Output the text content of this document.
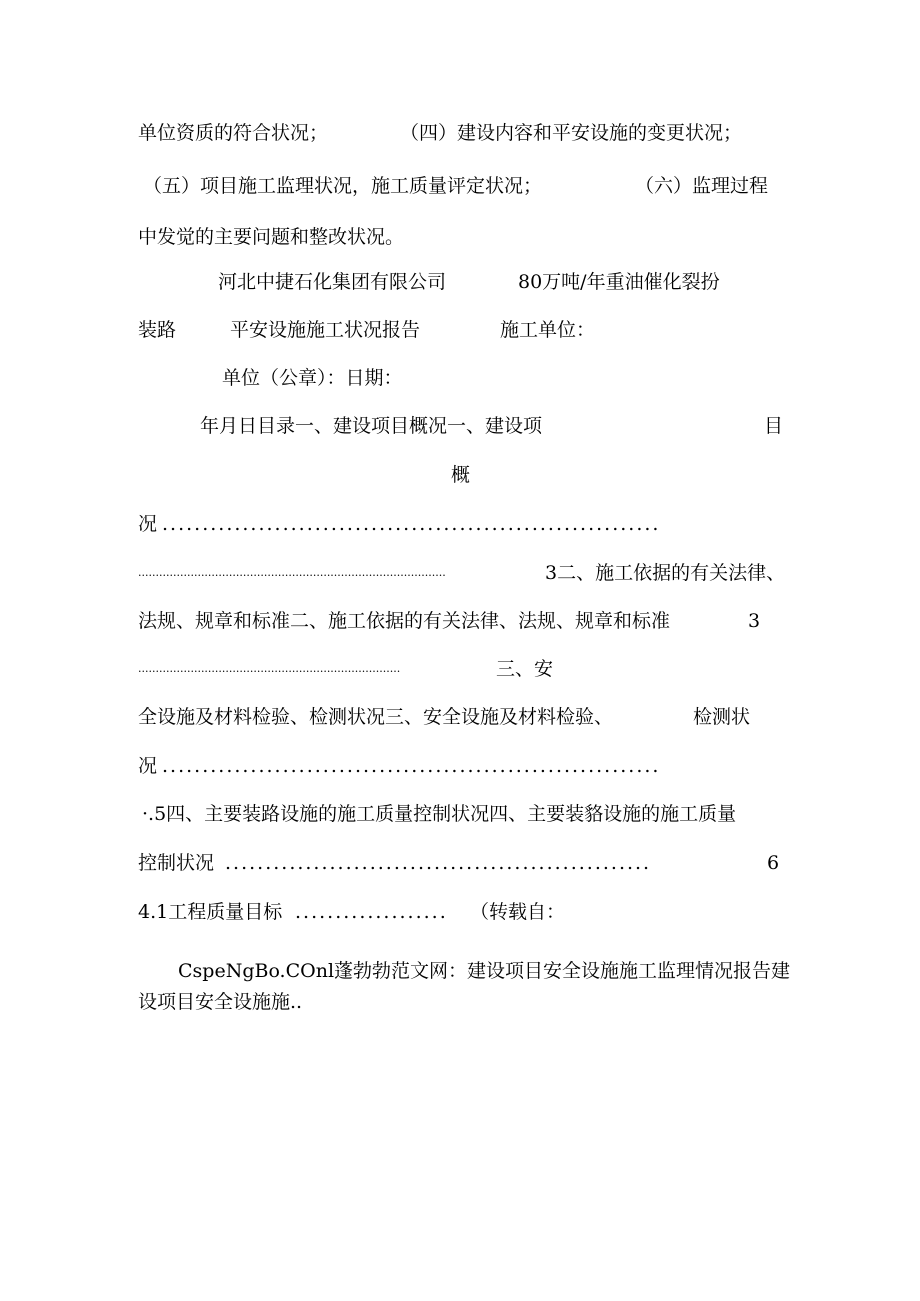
单位资质的符合状况；	（四）建设内容和平安设施的变更状况；
（五）项目施工监理状况，施工质量评定状况；	（六）监理过程
中发觉的主要问题和整改状况。
河北中捷石化集团有限公司	80万吨/年重油催化裂扮
装路	平安设施施工状况报告	施工单位：
单位（公章）：日期：
年月日目录一、建设项目概况一、建设项	目
概
况 ..............................................................
........................................................................................	3二、施工依据的有关法律、
法规、规章和标准二、施工依据的有关法律、法规、规章和标准	3
...........................................................................	三、安
全设施及材料检验、检测状况三、安全设施及材料检验、	检测状
况 ..............................................................
·.5四、主要装路设施的施工质量控制状况四、主要装貉设施的施工质量
控制状况 .....................................................	6
4.1工程质量目标 ................... （转载自：
CspeNgBo.COnl蓬勃勃范文网：建设项目安全设施施工监理情况报告建
设项目安全设施施..
